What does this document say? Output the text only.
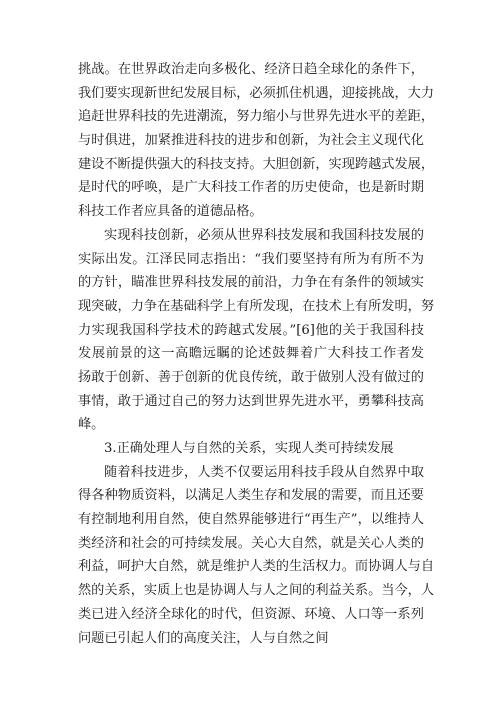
挑战。在世界政治走向多极化、经济日趋全球化的条件下，
我们要实现新世纪发展目标，必须抓住机遇，迎接挑战，大力
追赶世界科技的先进潮流，努力缩小与世界先进水平的差距，
与时俱进，加紧推进科技的进步和创新，为社会主义现代化
建设不断提供强大的科技支持。大胆创新，实现跨越式发展，
是时代的呼唤，是广大科技工作者的历史使命，也是新时期
科技工作者应具备的道德品格。
实现科技创新，必须从世界科技发展和我国科技发展的
实际出发。江泽民同志指出：“我们要坚持有所为有所不为
的方针，瞄准世界科技发展的前沿，力争在有条件的领域实
现突破，力争在基础科学上有所发现，在技术上有所发明，努
力实现我国科学技术的跨越式发展。”[6]他的关于我国科技
发展前景的这一高瞻远瞩的论述鼓舞着广大科技工作者发
扬敢于创新、善于创新的优良传统，敢于做别人没有做过的
事情，敢于通过自己的努力达到世界先进水平，勇攀科技高
峰。
3.正确处理人与自然的关系，实现人类可持续发展
随着科技进步，人类不仅要运用科技手段从自然界中取
得各种物质资料，以满足人类生存和发展的需要，而且还要
有控制地利用自然，使自然界能够进行“再生产”，以维持人
类经济和社会的可持续发展。关心大自然，就是关心人类的
利益，呵护大自然，就是维护人类的生活权力。而协调人与自
然的关系，实质上也是协调人与人之间的利益关系。当今，人
类已进入经济全球化的时代，但资源、环境、人口等一系列
问题已引起人们的高度关注，人与自然之间
